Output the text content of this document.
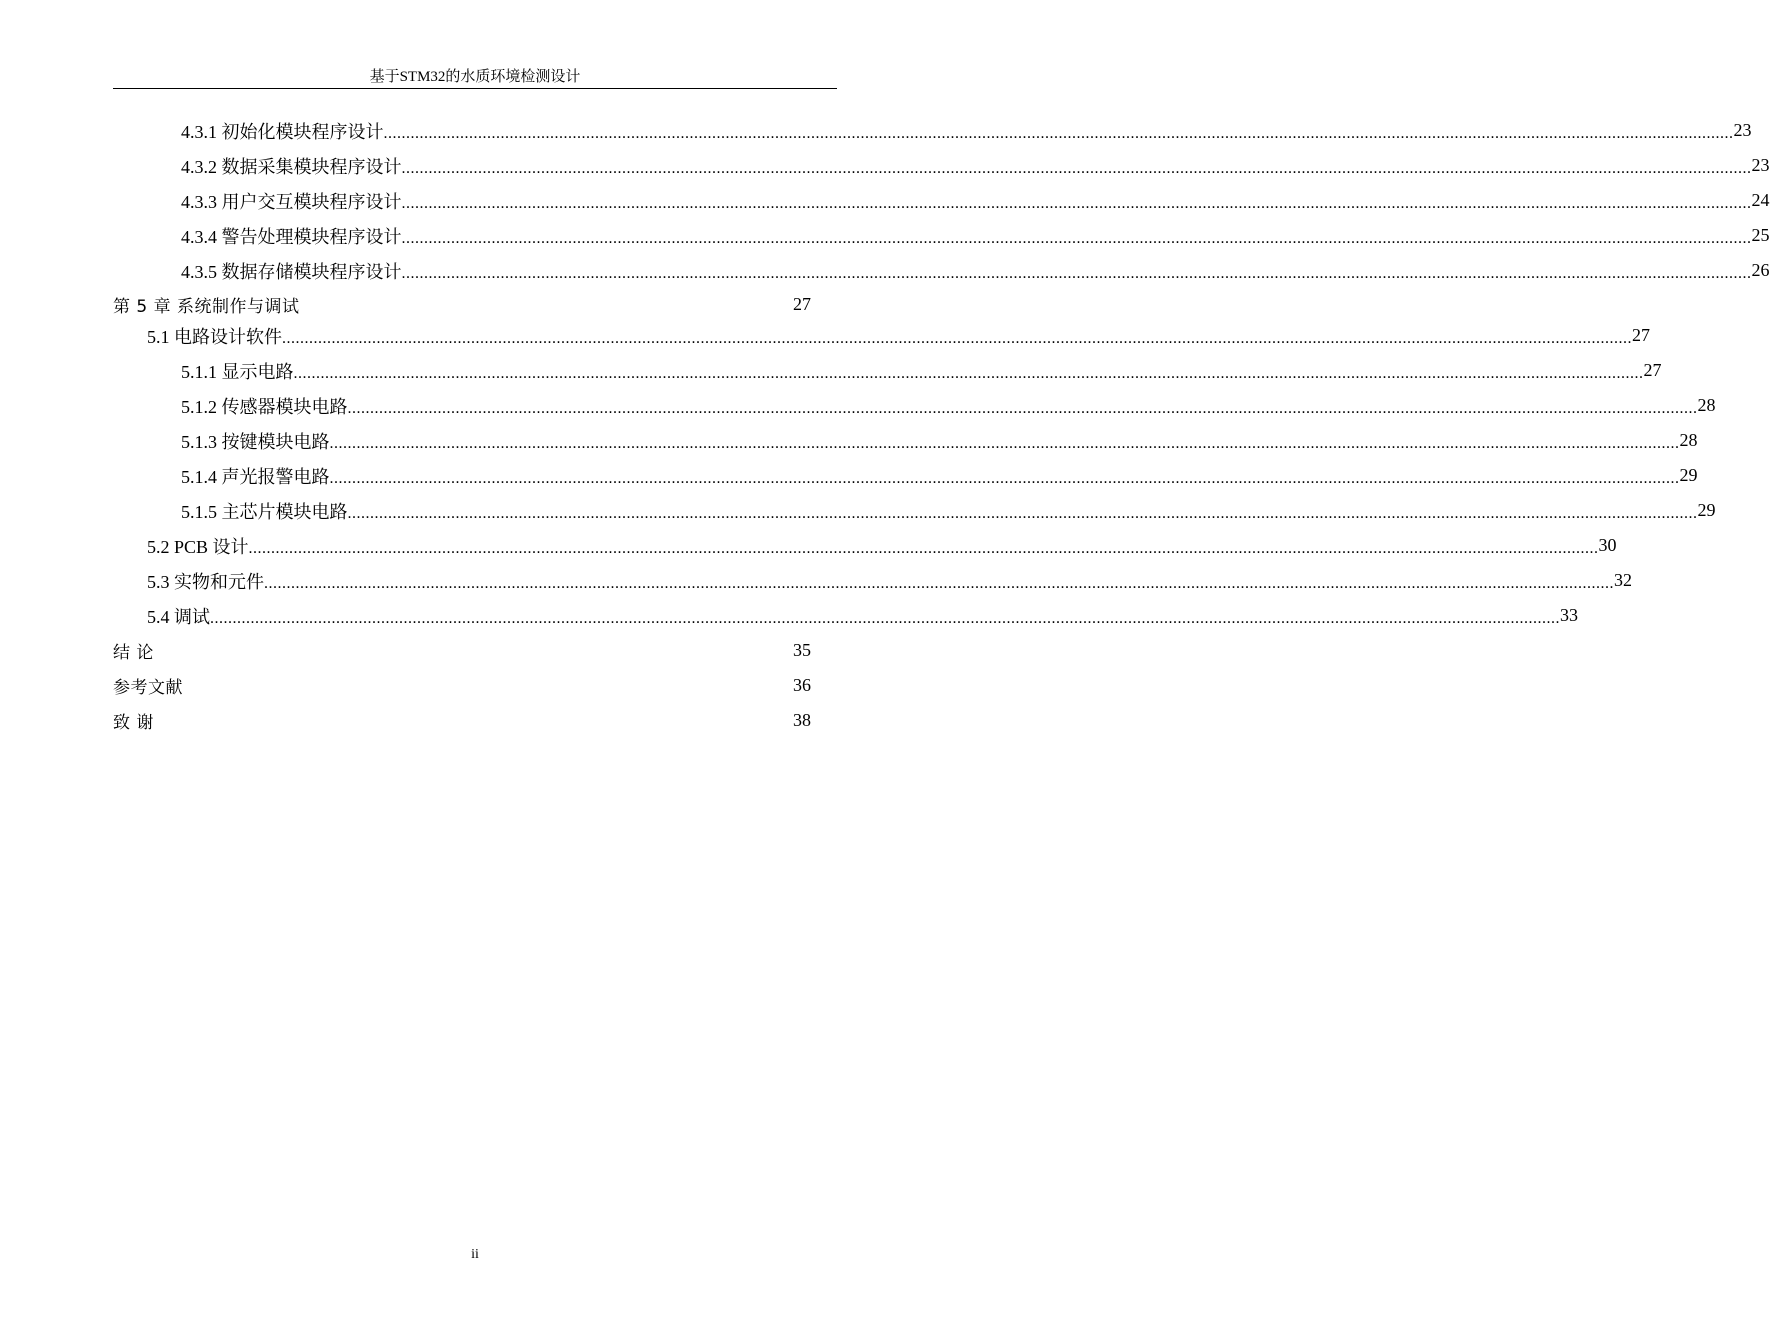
基于STM32的水质环境检测设计
4.3.1 初始化模块程序设计 ............................................................................................................................................................................................................................................................................................................ 23
4.3.2 数据采集模块程序设计 ............................................................................................................................................................................................................................................................................................................ 23
4.3.3 用户交互模块程序设计 ............................................................................................................................................................................................................................................................................................................ 24
4.3.4 警告处理模块程序设计 ............................................................................................................................................................................................................................................................................................................ 25
4.3.5 数据存储模块程序设计 ............................................................................................................................................................................................................................................................................................................ 26
第 5 章 系统制作与调试	27
5.1 电路设计软件 ............................................................................................................................................................................................................................................................................................................ 27
5.1.1 显示电路 ............................................................................................................................................................................................................................................................................................................ 27
5.1.2 传感器模块电路 ............................................................................................................................................................................................................................................................................................................ 28
5.1.3 按键模块电路 ............................................................................................................................................................................................................................................................................................................ 28
5.1.4 声光报警电路 ............................................................................................................................................................................................................................................................................................................ 29
5.1.5 主芯片模块电路 ............................................................................................................................................................................................................................................................................................................ 29
5.2 PCB 设计 ............................................................................................................................................................................................................................................................................................................ 30
5.3 实物和元件 ............................................................................................................................................................................................................................................................................................................ 32
5.4 调试 ............................................................................................................................................................................................................................................................................................................ 33
结 论	35
参考文献	36
致 谢	38
ii
